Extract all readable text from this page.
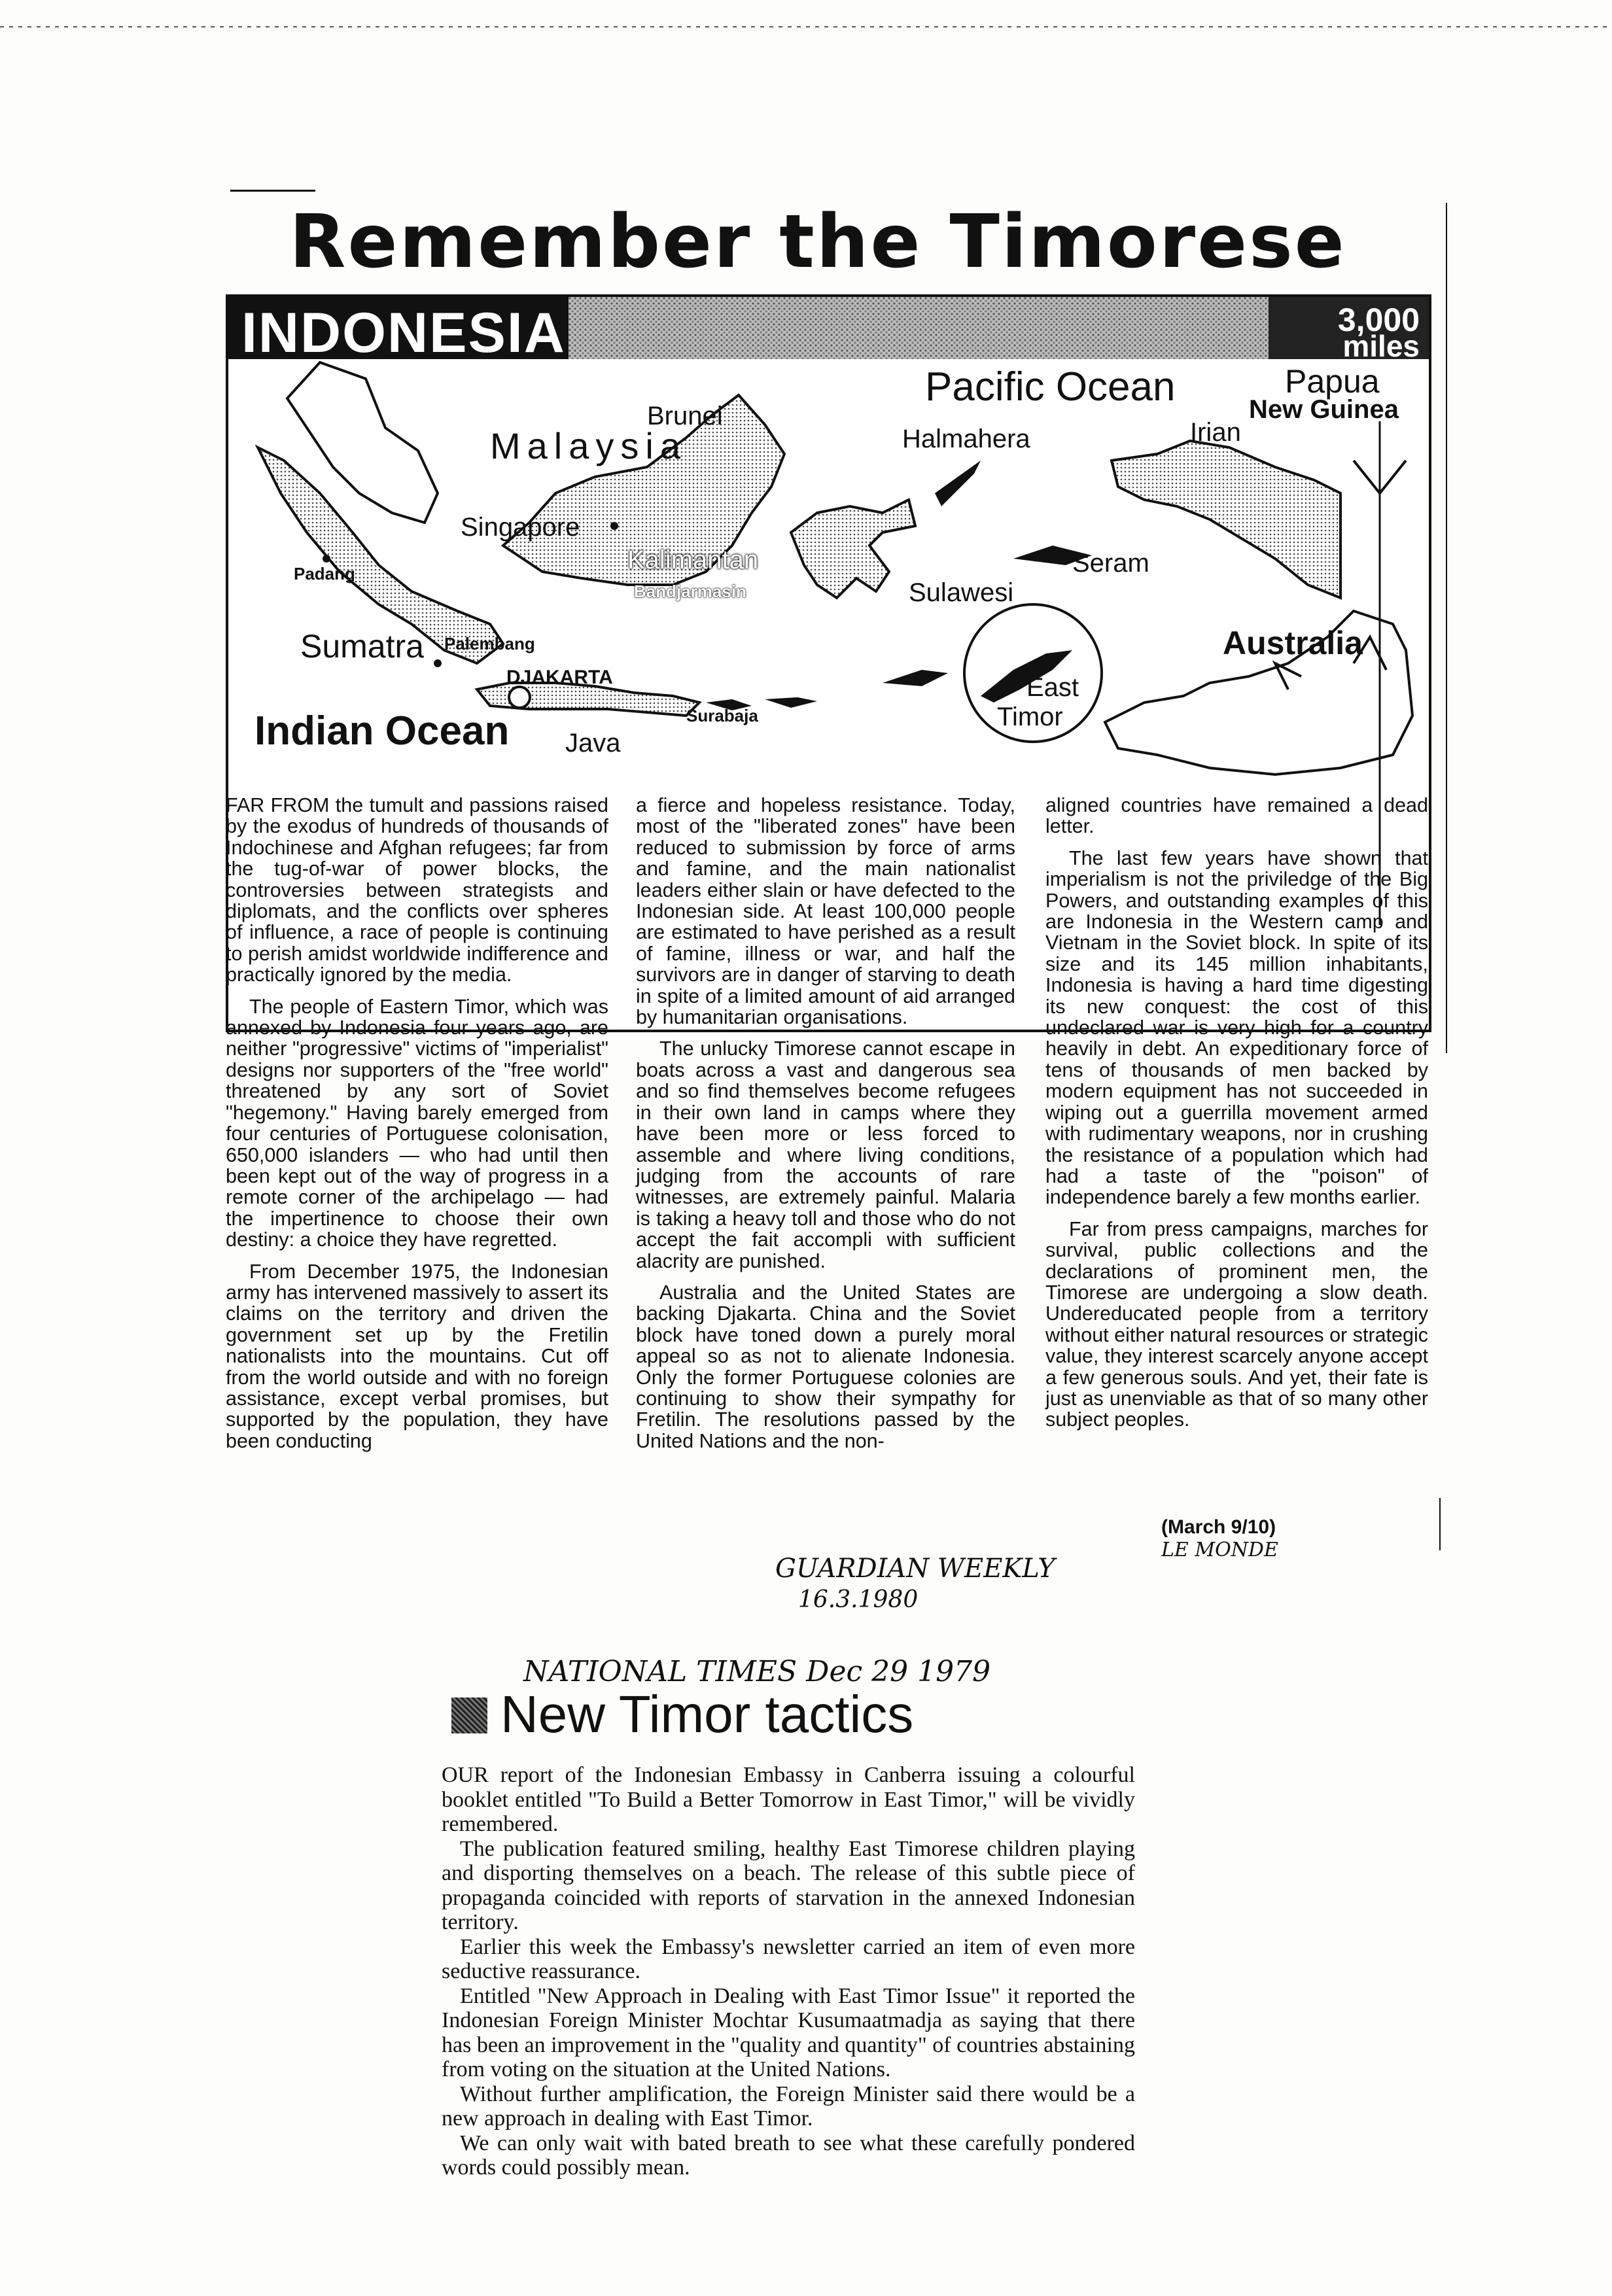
Remember the Timorese
INDONESIA	3,000
miles
Pacific Ocean	Papua
New Guinea
Brunei
Malaysia	Halmahera	Irian
Singapore
Kalimantan
Bandjarmasin
Seram
Padang
Sulawesi
Sumatra Palembang	Australia
DJAKARTA	East
Timor
Surabaja
Indian Ocean Java

FAR FROM the tumult and passions raised by the exodus of hundreds of thousands of Indochinese and Afghan refugees; far from the tug-of-war of power blocks, the controversies between strategists and diplomats, and the conflicts over spheres of influence, a race of people is continuing to perish amidst worldwide indifference and practically ignored by the media.

The people of Eastern Timor, which was annexed by Indonesia four years ago, are neither "progressive" victims of "imperialist" designs nor supporters of the "free world" threatened by any sort of Soviet "hegemony." Having barely emerged from four centuries of Portuguese colonisation, 650,000 islanders — who had until then been kept out of the way of progress in a remote corner of the archipelago — had the impertinence to choose their own destiny: a choice they have regretted.

From December 1975, the Indonesian army has intervened massively to assert its claims on the territory and driven the government set up by the Fretilin nationalists into the mountains. Cut off from the world outside and with no foreign assistance, except verbal promises, but supported by the population, they have been conducting

a fierce and hopeless resistance. Today, most of the "liberated zones" have been reduced to submission by force of arms and famine, and the main nationalist leaders either slain or have defected to the Indonesian side. At least 100,000 people are estimated to have perished as a result of famine, illness or war, and half the survivors are in danger of starving to death in spite of a limited amount of aid arranged by humanitarian organisations.

The unlucky Timorese cannot escape in boats across a vast and dangerous sea and so find themselves become refugees in their own land in camps where they have been more or less forced to assemble and where living conditions, judging from the accounts of rare witnesses, are extremely painful. Malaria is taking a heavy toll and those who do not accept the fait accompli with sufficient alacrity are punished.

Australia and the United States are backing Djakarta. China and the Soviet block have toned down a purely moral appeal so as not to alienate Indonesia. Only the former Portuguese colonies are continuing to show their sympathy for Fretilin. The resolutions passed by the United Nations and the non-

aligned countries have remained a dead letter.

The last few years have shown that imperialism is not the priviledge of the Big Powers, and outstanding examples of this are Indonesia in the Western camp and Vietnam in the Soviet block. In spite of its size and its 145 million inhabitants, Indonesia is having a hard time digesting its new conquest: the cost of this undeclared war is very high for a country heavily in debt. An expeditionary force of tens of thousands of men backed by modern equipment has not succeeded in wiping out a guerrilla movement armed with rudimentary weapons, nor in crushing the resistance of a population which had had a taste of the "poison" of independence barely a few months earlier.

Far from press campaigns, marches for survival, public collections and the declarations of prominent men, the Timorese are undergoing a slow death. Undereducated people from a territory without either natural resources or strategic value, they interest scarcely anyone accept a few generous souls. And yet, their fate is just as unenviable as that of so many other subject peoples.

(March 9/10)
LE MONDE
GUARDIAN WEEKLY
16.3.1980
NATIONAL TIMES Dec 29 1979
New Timor tactics

OUR report of the Indonesian Embassy in Canberra issuing a colourful booklet entitled "To Build a Better Tomorrow in East Timor," will be vividly remembered.

The publication featured smiling, healthy East Timorese children playing and disporting themselves on a beach. The release of this subtle piece of propaganda coincided with reports of starvation in the annexed Indonesian territory.

Earlier this week the Embassy's newsletter carried an item of even more seductive reassurance.

Entitled "New Approach in Dealing with East Timor Issue" it reported the Indonesian Foreign Minister Mochtar Kusumaatmadja as saying that there has been an improvement in the "quality and quantity" of countries abstaining from voting on the situation at the United Nations.

Without further amplification, the Foreign Minister said there would be a new approach in dealing with East Timor.

We can only wait with bated breath to see what these carefully pondered words could possibly mean.
